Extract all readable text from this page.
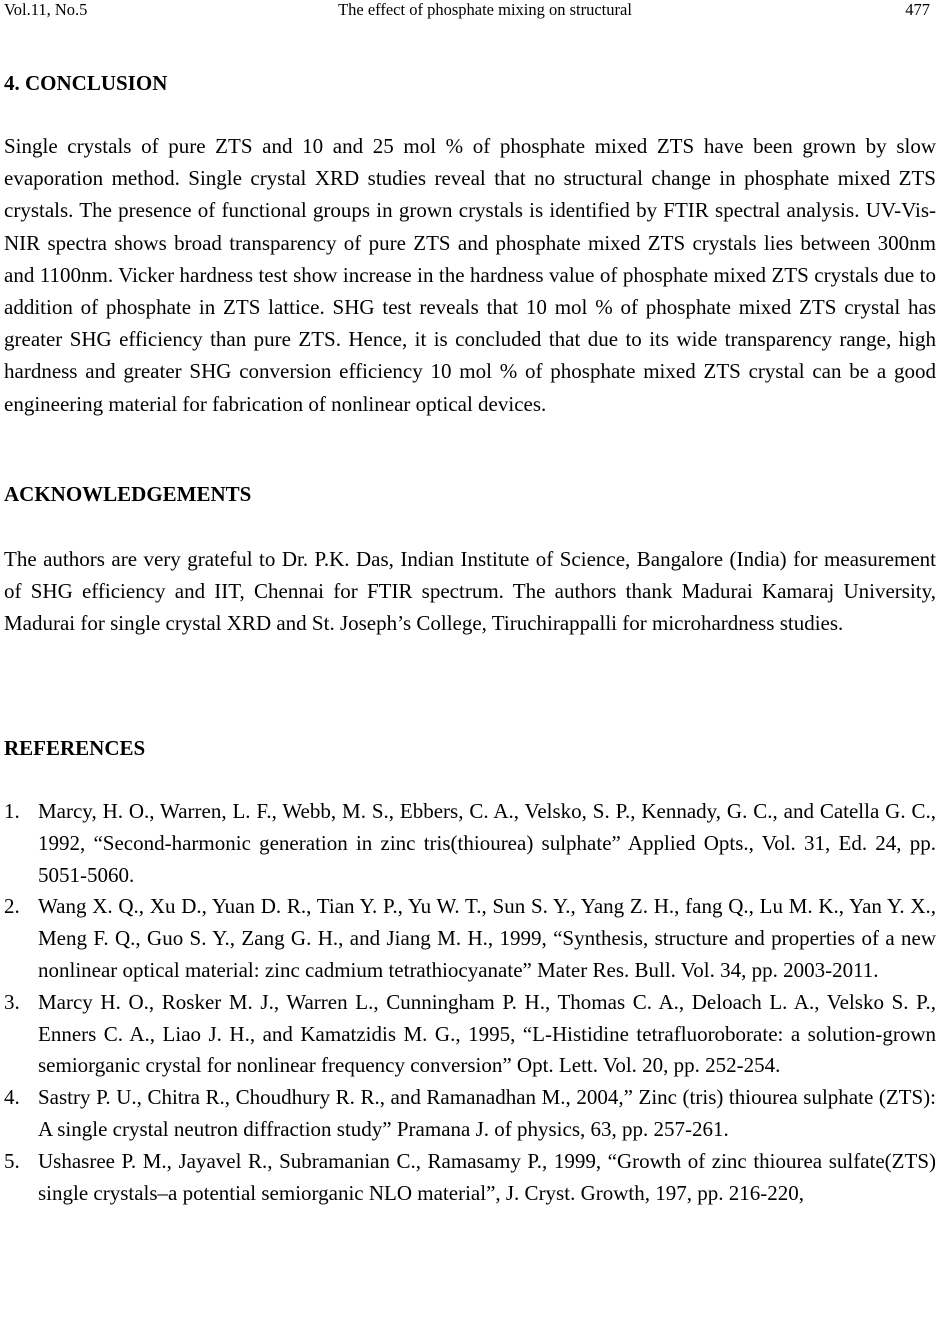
Vol.11, No.5	The effect of phosphate mixing on structural	477
4. CONCLUSION

Single crystals of pure ZTS and 10 and 25 mol % of phosphate mixed ZTS have been grown by slow evaporation method. Single crystal XRD studies reveal that no structural change in phosphate mixed ZTS crystals. The presence of functional groups in grown crystals is identified by FTIR spectral analysis. UV-Vis-NIR spectra shows broad transparency of pure ZTS and phosphate mixed ZTS crystals lies between 300nm and 1100nm. Vicker hardness test show increase in the hardness value of phosphate mixed ZTS crystals due to addition of phosphate in ZTS lattice. SHG test reveals that 10 mol % of phosphate mixed ZTS crystal has greater SHG efficiency than pure ZTS. Hence, it is concluded that due to its wide transparency range, high hardness and greater SHG conversion efficiency 10 mol % of phosphate mixed ZTS crystal can be a good engineering material for fabrication of nonlinear optical devices.

ACKNOWLEDGEMENTS

The authors are very grateful to Dr. P.K. Das, Indian Institute of Science, Bangalore (India) for measurement of SHG efficiency and IIT, Chennai for FTIR spectrum. The authors thank Madurai Kamaraj University, Madurai for single crystal XRD and St. Joseph’s College, Tiruchirappalli for microhardness studies.

REFERENCES
1. Marcy, H. O., Warren, L. F., Webb, M. S., Ebbers, C. A., Velsko, S. P., Kennady, G. C., and Catella G. C., 1992, “Second-harmonic generation in zinc tris(thiourea) sulphate” Applied Opts., Vol. 31, Ed. 24, pp. 5051-5060.
2. Wang X. Q., Xu D., Yuan D. R., Tian Y. P., Yu W. T., Sun S. Y., Yang Z. H., fang Q., Lu M. K., Yan Y. X., Meng F. Q., Guo S. Y., Zang G. H., and Jiang M. H., 1999, “Synthesis, structure and properties of a new nonlinear optical material: zinc cadmium tetrathiocyanate” Mater Res. Bull. Vol. 34, pp. 2003-2011.
3. Marcy H. O., Rosker M. J., Warren L., Cunningham P. H., Thomas C. A., Deloach L. A., Velsko S. P., Enners C. A., Liao J. H., and Kamatzidis M. G., 1995, “L-Histidine tetrafluoroborate: a solution-grown semiorganic crystal for nonlinear frequency conversion” Opt. Lett. Vol. 20, pp. 252-254.
4. Sastry P. U., Chitra R., Choudhury R. R., and Ramanadhan M., 2004,” Zinc (tris) thiourea sulphate (ZTS): A single crystal neutron diffraction study” Pramana J. of physics, 63, pp. 257-261.
5. Ushasree P. M., Jayavel R., Subramanian C., Ramasamy P., 1999, “Growth of zinc thiourea sulfate(ZTS) single crystals–a potential semiorganic NLO material”, J. Cryst. Growth, 197, pp. 216-220,
